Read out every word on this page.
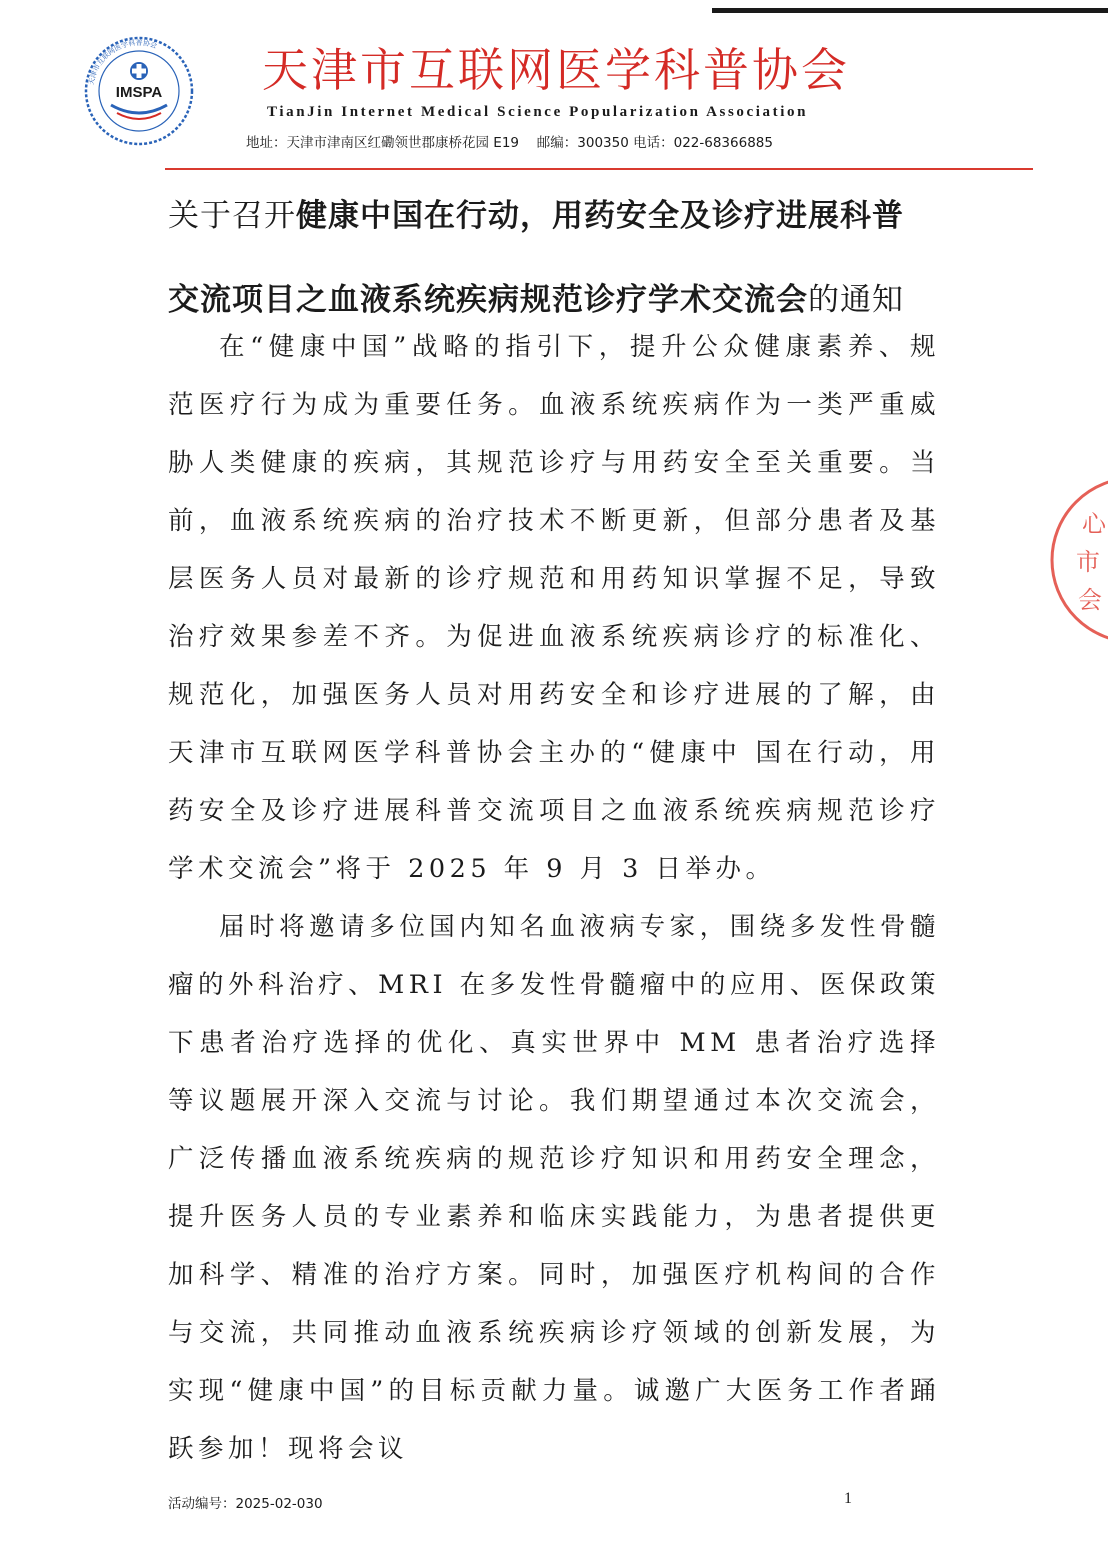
天津市互联网医学科普协会
IMSPA 天津市互联网医学科普协会
TianJin Internet Medical Science Popularization Association
地址：天津市津南区红磡领世郡康桥花园 E19　 邮编：300350 电话：022-68366885
关于召开健康中国在行动，用药安全及诊疗进展科普
交流项目之血液系统疾病规范诊疗学术交流会的通知

在“健康中国”战略的指引下，提升公众健康素养、规范医疗行为成为重要任务。血液系统疾病作为一类严重威胁人类健康的疾病，其规范诊疗与用药安全至关重要。当前，血液系统疾病的治疗技术不断更新，但部分患者及基层医务人员对最新的诊疗规范和用药知识掌握不足，导致治疗效果参差不齐。为促进血液系统疾病诊疗的标准化、规范化，加强医务人员对用药安全和诊疗进展的了解，由天津市互联网医学科普协会主办的“健康中 国在行动，用药安全及诊疗进展科普交流项目之血液系统疾病规范诊疗学术交流会”将于 2025 年 9 月 3 日举办。

届时将邀请多位国内知名血液病专家，围绕多发性骨髓瘤的外科治疗、MRI 在多发性骨髓瘤中的应用、医保政策下患者治疗选择的优化、真实世界中 MM 患者治疗选择等议题展开深入交流与讨论。我们期望通过本次交流会，广泛传播血液系统疾病的规范诊疗知识和用药安全理念，提升医务人员的专业素养和临床实践能力，为患者提供更加科学、精准的治疗方案。同时，加强医疗机构间的合作与交流，共同推动血液系统疾病诊疗领域的创新发展，为实现“健康中国”的目标贡献力量。诚邀广大医务工作者踊跃参加！现将会议

心
市
会
活动编号：2025-02-030	1
